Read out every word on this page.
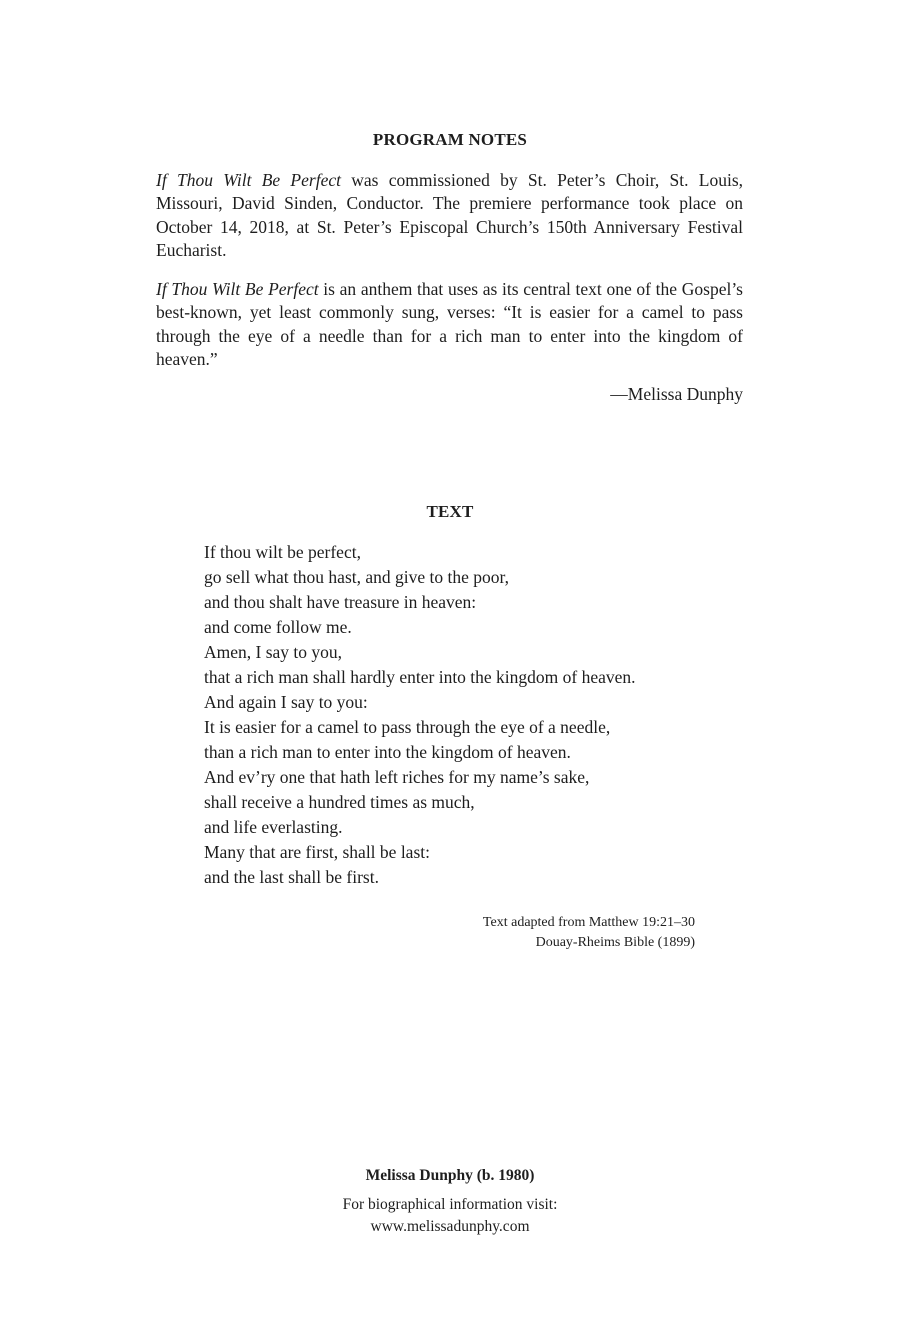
PROGRAM NOTES

If Thou Wilt Be Perfect was commissioned by St. Peter’s Choir, St. Louis, Missouri, David Sinden, Conductor. The premiere performance took place on October 14, 2018, at St. Peter’s Episcopal Church’s 150th Anniversary Festival Eucharist.

If Thou Wilt Be Perfect is an anthem that uses as its central text one of the Gospel’s best-known, yet least commonly sung, verses: “It is easier for a camel to pass through the eye of a needle than for a rich man to enter into the kingdom of heaven.”

—Melissa Dunphy
TEXT
If thou wilt be perfect,
go sell what thou hast, and give to the poor,
and thou shalt have treasure in heaven:
and come follow me.
Amen, I say to you,
that a rich man shall hardly enter into the kingdom of heaven.
And again I say to you:
It is easier for a camel to pass through the eye of a needle,
than a rich man to enter into the kingdom of heaven.
And ev’ry one that hath left riches for my name’s sake,
shall receive a hundred times as much,
and life everlasting.
Many that are first, shall be last:
and the last shall be first.
Text adapted from Matthew 19:21–30
Douay-Rheims Bible (1899)
Melissa Dunphy (b. 1980)
For biographical information visit:
www.melissadunphy.com
